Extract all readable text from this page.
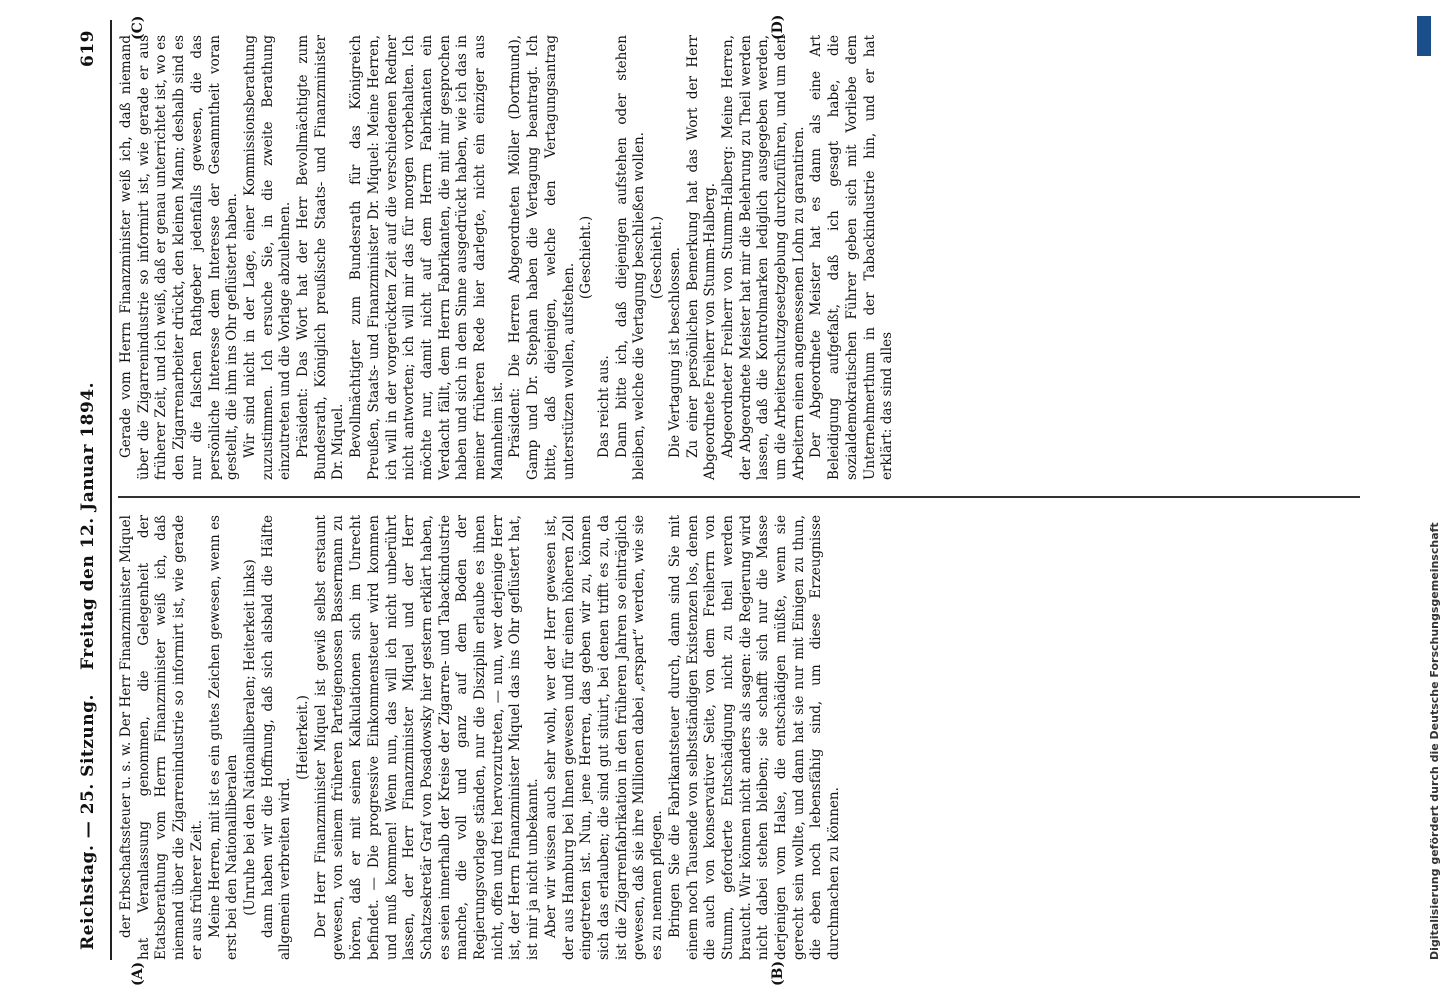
Reichstag. — 25. Sitzung.
Freitag den 12. Januar 1894.
619

der Erbschaftssteuer u. s. w. Der Herr Finanzminister Miquel hat Veranlassung genommen, die Gelegenheit der Etatsberathung vom Herrn Finanzminister weiß ich, daß niemand über die Zigarrenindustrie so informirt ist, wie gerade er aus früherer Zeit. Meine Herren, mit ist es ein gutes Zeichen gewesen, wenn es erst bei den Nationalliberalen (Unruhe bei den Nationalliberalen; Heiterkeit links) dann haben wir die Hoffnung, daß sich alsbald die Hälfte allgemein verbreiten wird.

(Heiterkeit.) Der Herr Finanzminister Miquel ist gewiß selbst erstaunt gewesen, von seinem früheren Parteigenossen Bassermann zu hören, daß er mit seinen Kalkulationen sich im Unrecht befindet. — Die progressive Einkommensteuer wird kommen und muß kommen! Wenn nun, das will ich nicht unberührt lassen, der Herr Finanzminister Miquel und der Herr Schatzsekretär Graf von Posadowsky hier gestern erklärt haben, es seien innerhalb der Kreise der Zigarren- und Tabackindustrie manche, die voll und ganz auf dem Boden der Regierungsvorlage ständen, nur die Disziplin erlaube es ihnen nicht, offen und frei hervorzutreten, — nun, wer derjenige Herr ist, der Herrn Finanzminister Miquel das ins Ohr geflüstert hat, ist mir ja nicht unbekannt. Aber wir wissen auch sehr wohl, wer der Herr gewesen ist, der aus Hamburg bei Ihnen gewesen und für einen höheren Zoll eingetreten ist. Nun, jene Herren, das geben wir zu, können sich das erlauben; die sind gut situirt, bei denen trifft es zu, da ist die Zigarrenfabrikation in den früheren Jahren so einträglich gewesen, daß sie ihre Millionen dabei „erspart“ werden, wie sie es zu nennen pflegen. Bringen Sie die Fabrikantsteuer durch, dann sind Sie mit einem noch Tausende von selbstständigen Existenzen los, denen die auch von konservativer Seite, von dem Freiherrn von Stumm, geforderte Entschädigung nicht zu theil werden braucht. Wir können nicht anders als sagen: die Regierung wird nicht dabei stehen bleiben; sie schafft sich nur die Masse derjenigen vom Halse, die entschädigen müßte, wenn sie gerecht sein wollte, und dann hat sie nur mit Einigen zu thun, die eben noch lebensfähig sind, um diese Erzeugnisse durchmachen zu können.

Gerade vom Herrn Finanzminister weiß ich, daß niemand über die Zigarrenindustrie so informirt ist, wie gerade er aus früherer Zeit, und ich weiß, daß er genau unterrichtet ist, wo es den Zigarrenarbeiter drückt, den kleinen Mann; deshalb sind es nur die falschen Rathgeber jedenfalls gewesen, die das persönliche Interesse dem Interesse der Gesammtheit voran gestellt, die ihm ins Ohr geflüstert haben. Wir sind nicht in der Lage, einer Kommissionsberathung zuzustimmen. Ich ersuche Sie, in die zweite Berathung einzutreten und die Vorlage abzulehnen. Präsident: Das Wort hat der Herr Bevollmächtigte zum Bundesrath, Königlich preußische Staats- und Finanzminister Dr. Miquel. Bevollmächtigter zum Bundesrath für das Königreich Preußen, Staats- und Finanzminister Dr. Miquel: Meine Herren, ich will in der vorgerückten Zeit auf die verschiedenen Redner nicht antworten; ich will mir das für morgen vorbehalten. Ich möchte nur, damit nicht auf dem Herrn Fabrikanten ein Verdacht fällt, dem Herrn Fabrikanten, die mit mir gesprochen haben und sich in dem Sinne ausgedrückt haben, wie ich das in meiner früheren Rede hier darlegte, nicht ein einziger aus Mannheim ist. Präsident: Die Herren Abgeordneten Möller (Dortmund), Gamp und Dr. Stephan haben die Vertagung beantragt. Ich bitte, daß diejenigen, welche den Vertagungsantrag unterstützen wollen, aufstehen.

(Geschieht.)

Das reicht aus. Dann bitte ich, daß diejenigen aufstehen oder stehen bleiben, welche die Vertagung beschließen wollen. (Geschieht.) Die Vertagung ist beschlossen. Zu einer persönlichen Bemerkung hat das Wort der Herr Abgeordnete Freiherr von Stumm-Halberg. Abgeordneter Freiherr von Stumm-Halberg: Meine Herren, der Abgeordnete Meister hat mir die Belehrung zu Theil werden lassen, daß die Kontrolmarken lediglich ausgegeben werden, um die Arbeiterschutzgesetzgebung durchzuführen, und um den Arbeitern einen angemessenen Lohn zu garantiren. Der Abgeordnete Meister hat es dann als eine Art Beleidigung aufgefaßt, daß ich gesagt habe, die sozialdemokratischen Führer geben sich mit Vorliebe dem Unternehmerthum in der Tabackindustrie hin, und er hat erklärt: das sind alles

(A)	(B)
(C)	(D)
Digitalisierung gefördert durch die Deutsche Forschungsgemeinschaft
